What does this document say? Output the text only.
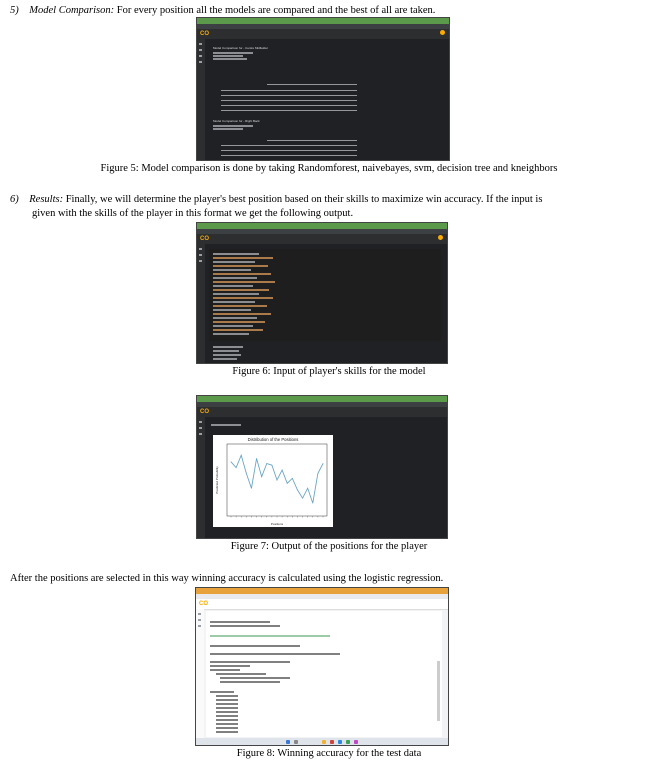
5) Model Comparison: For every position all the models are compared and the best of all are taken.
CO

Model Comparison for - Centre Midfielder
Model Comparison for - Right Back
Figure 5: Model comparison is done by taking Randomforest, naivebayes, svm, decision tree and kneighbors
6) Results: Finally, we will determine the player's best position based on their skills to maximize win accuracy. If the input is
given with the skills of the player in this format we get the following output.
CO
Figure 6: Input of player's skills for the model
CO
Distribution of the Positions
Positions
Predicted Probability
Figure 7: Output of the positions for the player
After the positions are selected in this way winning accuracy is calculated using the logistic regression.
CO
Figure 8: Winning accuracy for the test data
